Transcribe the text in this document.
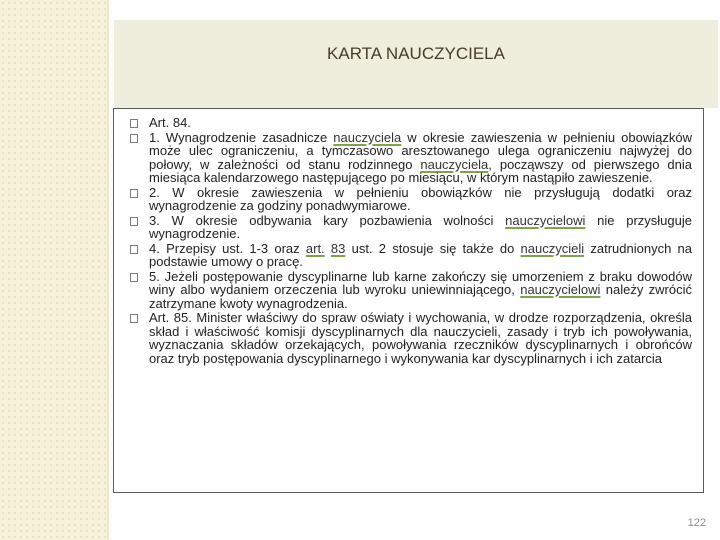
KARTA NAUCZYCIELA
Art. 84.
1. Wynagrodzenie zasadnicze nauczyciela w okresie zawieszenia w pełnieniu obowiązków może ulec ograniczeniu, a tymczasowo aresztowanego ulega ograniczeniu najwyżej do połowy, w zależności od stanu rodzinnego nauczyciela, począwszy od pierwszego dnia miesiąca kalendarzowego następującego po miesiącu, w którym nastąpiło zawieszenie.
2. W okresie zawieszenia w pełnieniu obowiązków nie przysługują dodatki oraz wynagrodzenie za godziny ponadwymiarowe.
3. W okresie odbywania kary pozbawienia wolności nauczycielowi nie przysługuje wynagrodzenie.
4. Przepisy ust. 1-3 oraz art. 83 ust. 2 stosuje się także do nauczycieli zatrudnionych na podstawie umowy o pracę.
5. Jeżeli postępowanie dyscyplinarne lub karne zakończy się umorzeniem z braku dowodów winy albo wydaniem orzeczenia lub wyroku uniewinniającego, nauczycielowi należy zwrócić zatrzymane kwoty wynagrodzenia.
Art. 85. Minister właściwy do spraw oświaty i wychowania, w drodze rozporządzenia, określa skład i właściwość komisji dyscyplinarnych dla nauczycieli, zasady i tryb ich powoływania, wyznaczania składów orzekających, powoływania rzeczników dyscyplinarnych i obrońców oraz tryb postępowania dyscyplinarnego i wykonywania kar dyscyplinarnych i ich zatarcia
122
